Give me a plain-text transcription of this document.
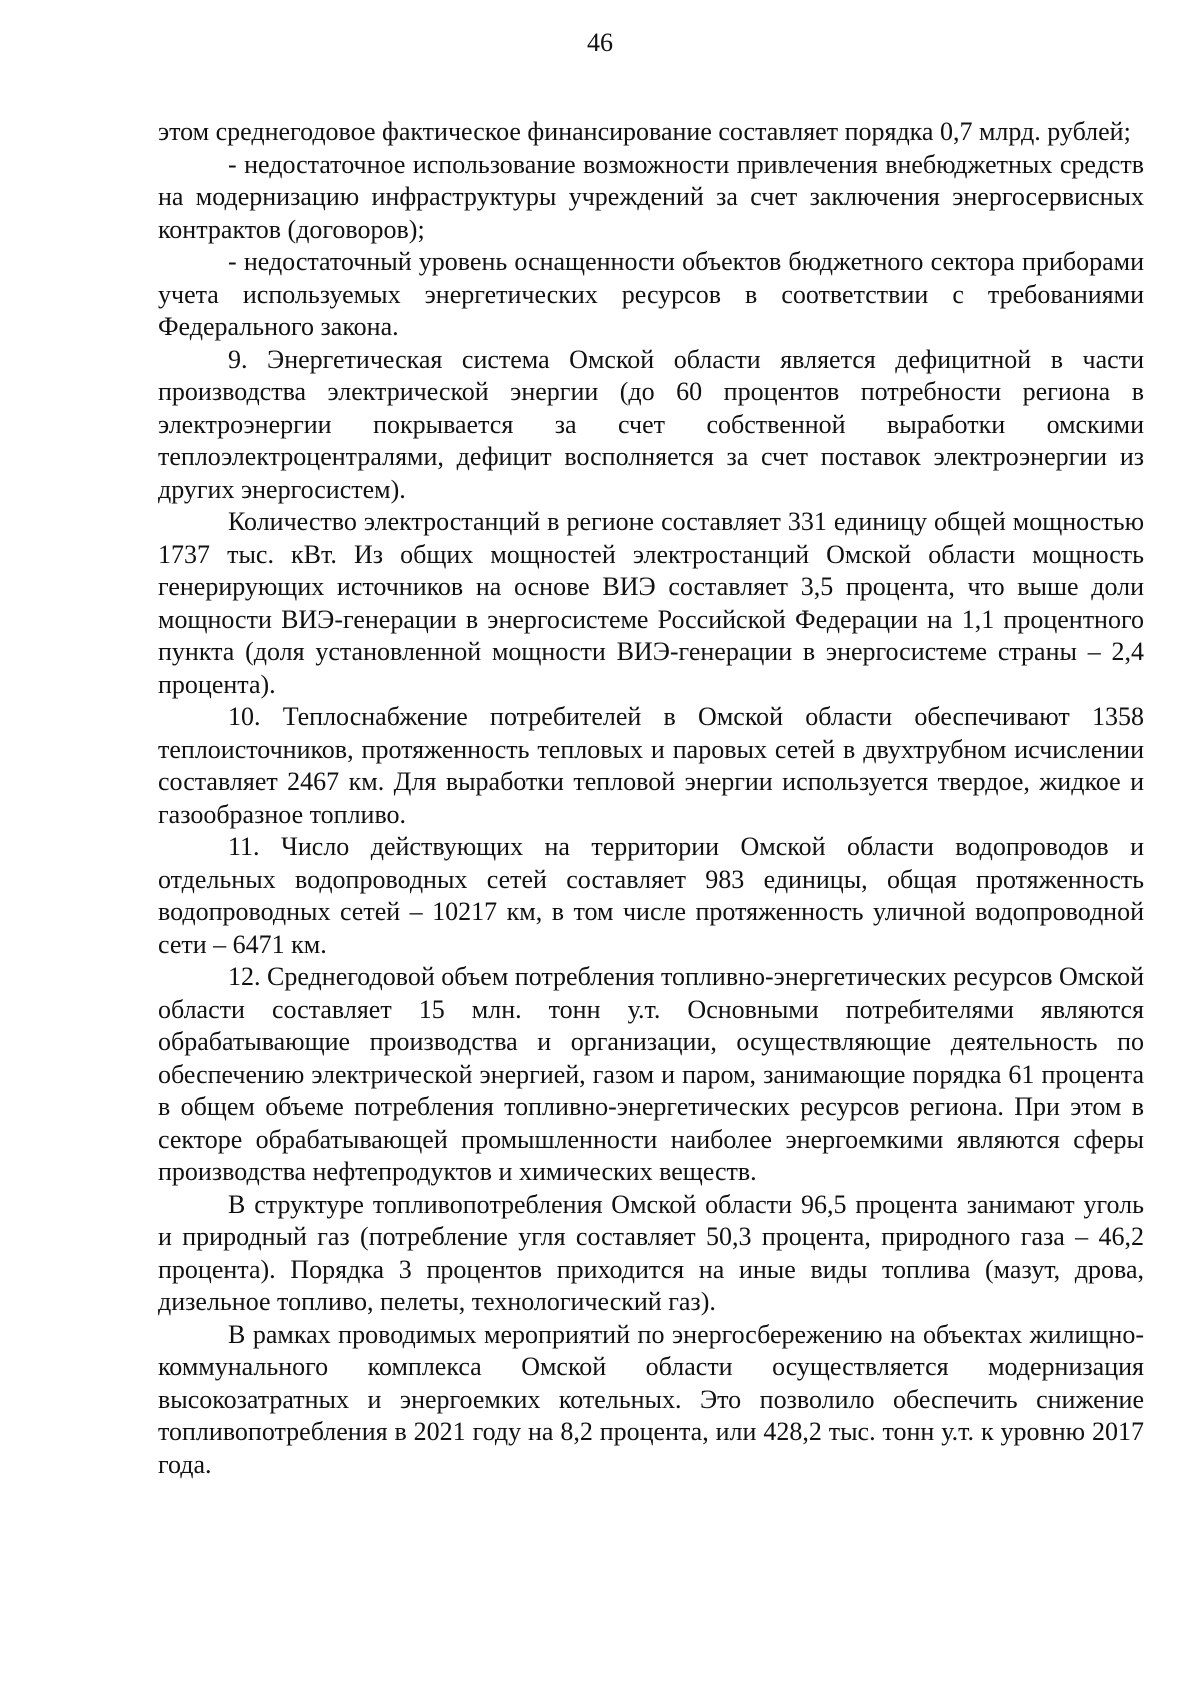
46

этом среднегодовое фактическое финансирование составляет порядка 0,7 млрд. рублей;

- недостаточное использование возможности привлечения внебюджетных средств на модернизацию инфраструктуры учреждений за счет заключения энергосервисных контрактов (договоров);

- недостаточный уровень оснащенности объектов бюджетного сектора приборами учета используемых энергетических ресурсов в соответствии с требованиями Федерального закона.

9. Энергетическая система Омской области является дефицитной в части производства электрической энергии (до 60 процентов потребности региона в электроэнергии покрывается за счет собственной выработки омскими теплоэлектроцентралями, дефицит восполняется за счет поставок электроэнергии из других энергосистем).

Количество электростанций в регионе составляет 331 единицу общей мощностью 1737 тыс. кВт. Из общих мощностей электростанций Омской области мощность генерирующих источников на основе ВИЭ составляет 3,5 процента, что выше доли мощности ВИЭ-генерации в энергосистеме Российской Федерации на 1,1 процентного пункта (доля установленной мощности ВИЭ-генерации в энергосистеме страны – 2,4 процента).

10. Теплоснабжение потребителей в Омской области обеспечивают 1358 теплоисточников, протяженность тепловых и паровых сетей в двухтрубном исчислении составляет 2467 км. Для выработки тепловой энергии используется твердое, жидкое и газообразное топливо.

11. Число действующих на территории Омской области водопроводов и отдельных водопроводных сетей составляет 983 единицы, общая протяженность водопроводных сетей – 10217 км, в том числе протяженность уличной водопроводной сети – 6471 км.

12. Среднегодовой объем потребления топливно-энергетических ресурсов Омской области составляет 15 млн. тонн у.т. Основными потребителями являются обрабатывающие производства и организации, осуществляющие деятельность по обеспечению электрической энергией, газом и паром, занимающие порядка 61 процента в общем объеме потребления топливно-энергетических ресурсов региона. При этом в секторе обрабатывающей промышленности наиболее энергоемкими являются сферы производства нефтепродуктов и химических веществ.

В структуре топливопотребления Омской области 96,5 процента занимают уголь и природный газ (потребление угля составляет 50,3 процента, природного газа – 46,2 процента). Порядка 3 процентов приходится на иные виды топлива (мазут, дрова, дизельное топливо, пелеты, технологический газ).

В рамках проводимых мероприятий по энергосбережению на объектах жилищно-коммунального комплекса Омской области осуществляется модернизация высокозатратных и энергоемких котельных. Это позволило обеспечить снижение топливопотребления в 2021 году на 8,2 процента, или 428,2 тыс. тонн у.т. к уровню 2017 года.
